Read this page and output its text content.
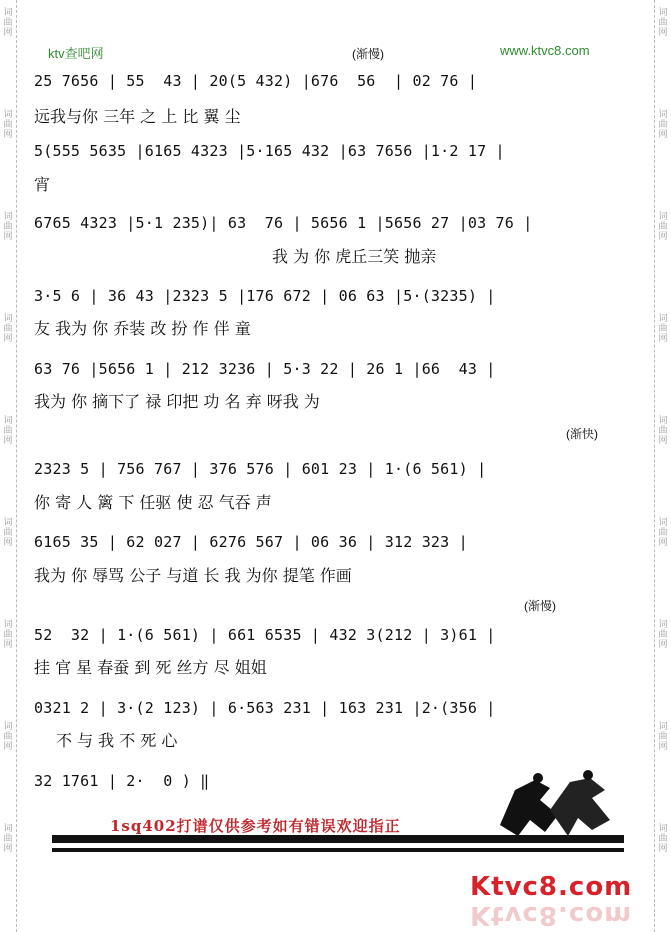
词
曲
网
词
曲
网
词
曲
网
词
曲
网
词
曲
网
词
曲
网
词
曲
网
词
曲
网
词
曲
网
词
曲
网
词
曲
网
词
曲
网
词
曲
网
词
曲
网
词
曲
网
词
曲
网
词
曲
网
词
曲
网
ktv查吧网	(渐慢)	www.ktvc8.com
25 7656 | 55  43 | 20(5 432) |676  56  | 02 76 |
远我与你 三年 之 上 比 翼 尘
5(555 5635 |6165 4323 |5·165 432 |63 7656 |1·2 17 |
宵
6765 4323 |5·1 235)| 63  76 | 5656 1 |5656 27 |03 76 |
我 为 你 虎丘三笑 抛亲
3·5 6 | 36 43 |2323 5 |176 672 | 06 63 |5·(3235) |
友 我为 你 乔装 改 扮 作 伴 童
63 76 |5656 1 | 212 3236 | 5·3 22 | 26 1 |66  43 |
我为 你 摘下了 禄 印把 功 名 弃 呀我 为
(渐快)
2323 5 | 756 767 | 376 576 | 601 23 | 1·(6 561) |
你 寄 人 篱 下 任驱 使 忍 气吞 声
6165 35 | 62 027 | 6276 567 | 06 36 | 312 323 |
我为 你 辱骂 公子 与道 长 我 为你 提笔 作画
(渐慢)
52  32 | 1·(6 561) | 661 6535 | 432 3(212 | 3)61 |
挂 官 星 春蚕 到 死 丝方 尽 姐姐
0321 2 | 3·(2 123) | 6·563 231 | 163 231 |2·(356 |
不 与 我 不 死 心
32 1761 | 2·  0 ) ‖
1sq402打谱仅供参考如有错误欢迎指正
Ktvc8.com
Ktvc8.com
